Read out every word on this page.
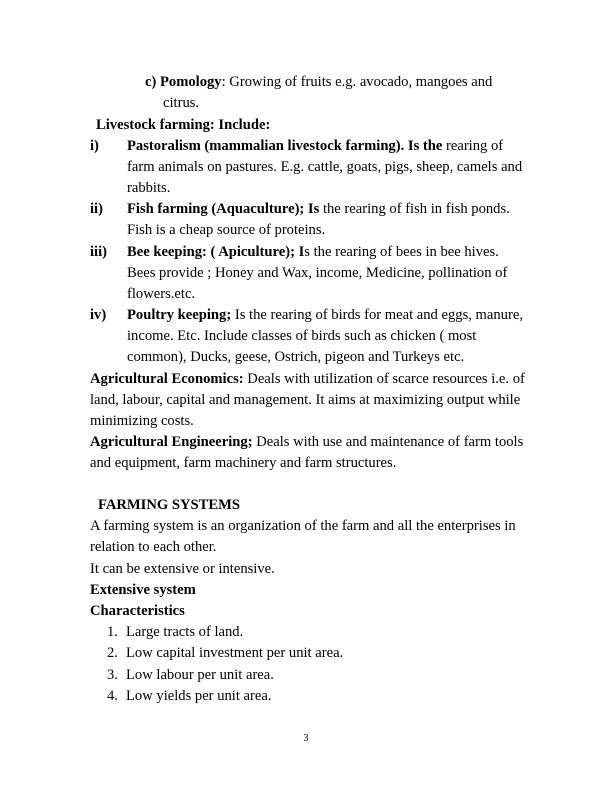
c) Pomology: Growing of fruits e.g. avocado, mangoes and
citrus.
Livestock farming: Include:
i) Pastoralism (mammalian livestock farming). Is the rearing of
farm animals on pastures. E.g. cattle, goats, pigs, sheep, camels and
rabbits.
ii) Fish farming (Aquaculture); Is the rearing of fish in fish ponds.
Fish is a cheap source of proteins.
iii) Bee keeping: ( Apiculture); Is the rearing of bees in bee hives.
Bees provide ; Honey and Wax, income, Medicine, pollination of
flowers.etc.
iv) Poultry keeping; Is the rearing of birds for meat and eggs, manure,
income. Etc. Include classes of birds such as chicken ( most
common), Ducks, geese, Ostrich, pigeon and Turkeys etc.
Agricultural Economics: Deals with utilization of scarce resources i.e. of
land, labour, capital and management. It aims at maximizing output while
minimizing costs.
Agricultural Engineering; Deals with use and maintenance of farm tools
and equipment, farm machinery and farm structures.
FARMING SYSTEMS
A farming system is an organization of the farm and all the enterprises in
relation to each other.
It can be extensive or intensive.
Extensive system
Characteristics
1. Large tracts of land.
2. Low capital investment per unit area.
3. Low labour per unit area.
4. Low yields per unit area.
3
